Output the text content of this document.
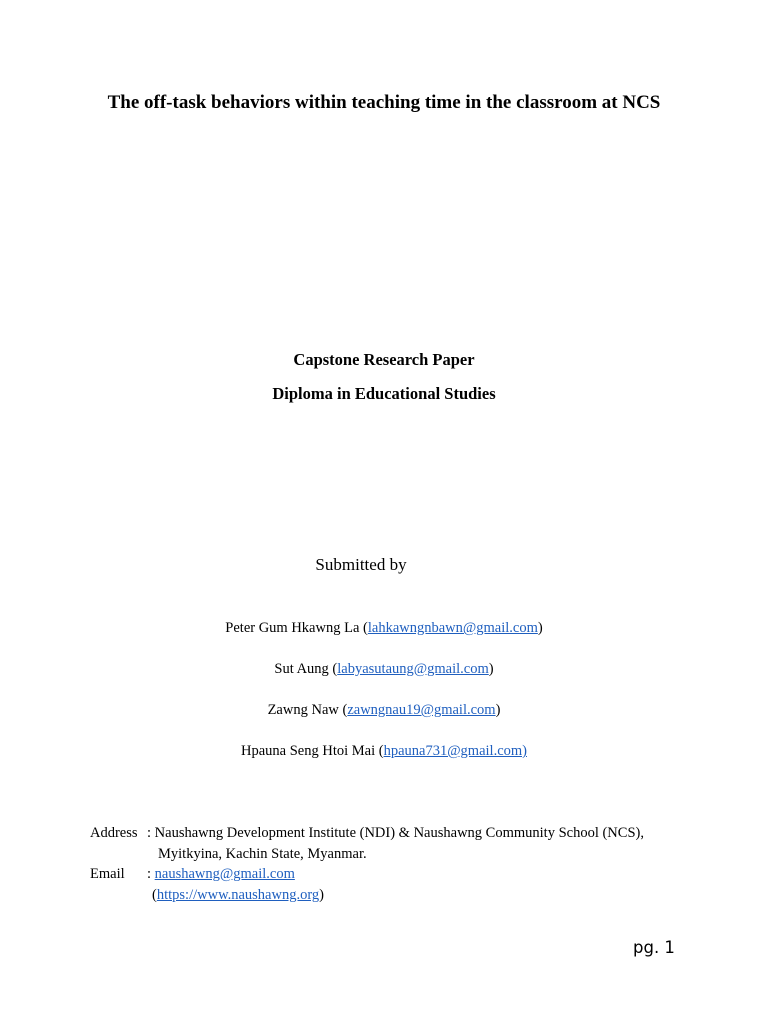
The off-task behaviors within teaching time in the classroom at NCS
Capstone Research Paper
Diploma in Educational Studies
Submitted by
Peter Gum Hkawng La (lahkawngnbawn@gmail.com)
Sut Aung (labyasutaung@gmail.com)
Zawng Naw (zawngnau19@gmail.com)
Hpauna Seng Htoi Mai (hpauna731@gmail.com)
Address : Naushawng Development Institute (NDI) & Naushawng Community School (NCS),
Myitkyina, Kachin State, Myanmar.
Email : naushawng@gmail.com
(https://www.naushawng.org)
pg. 1
